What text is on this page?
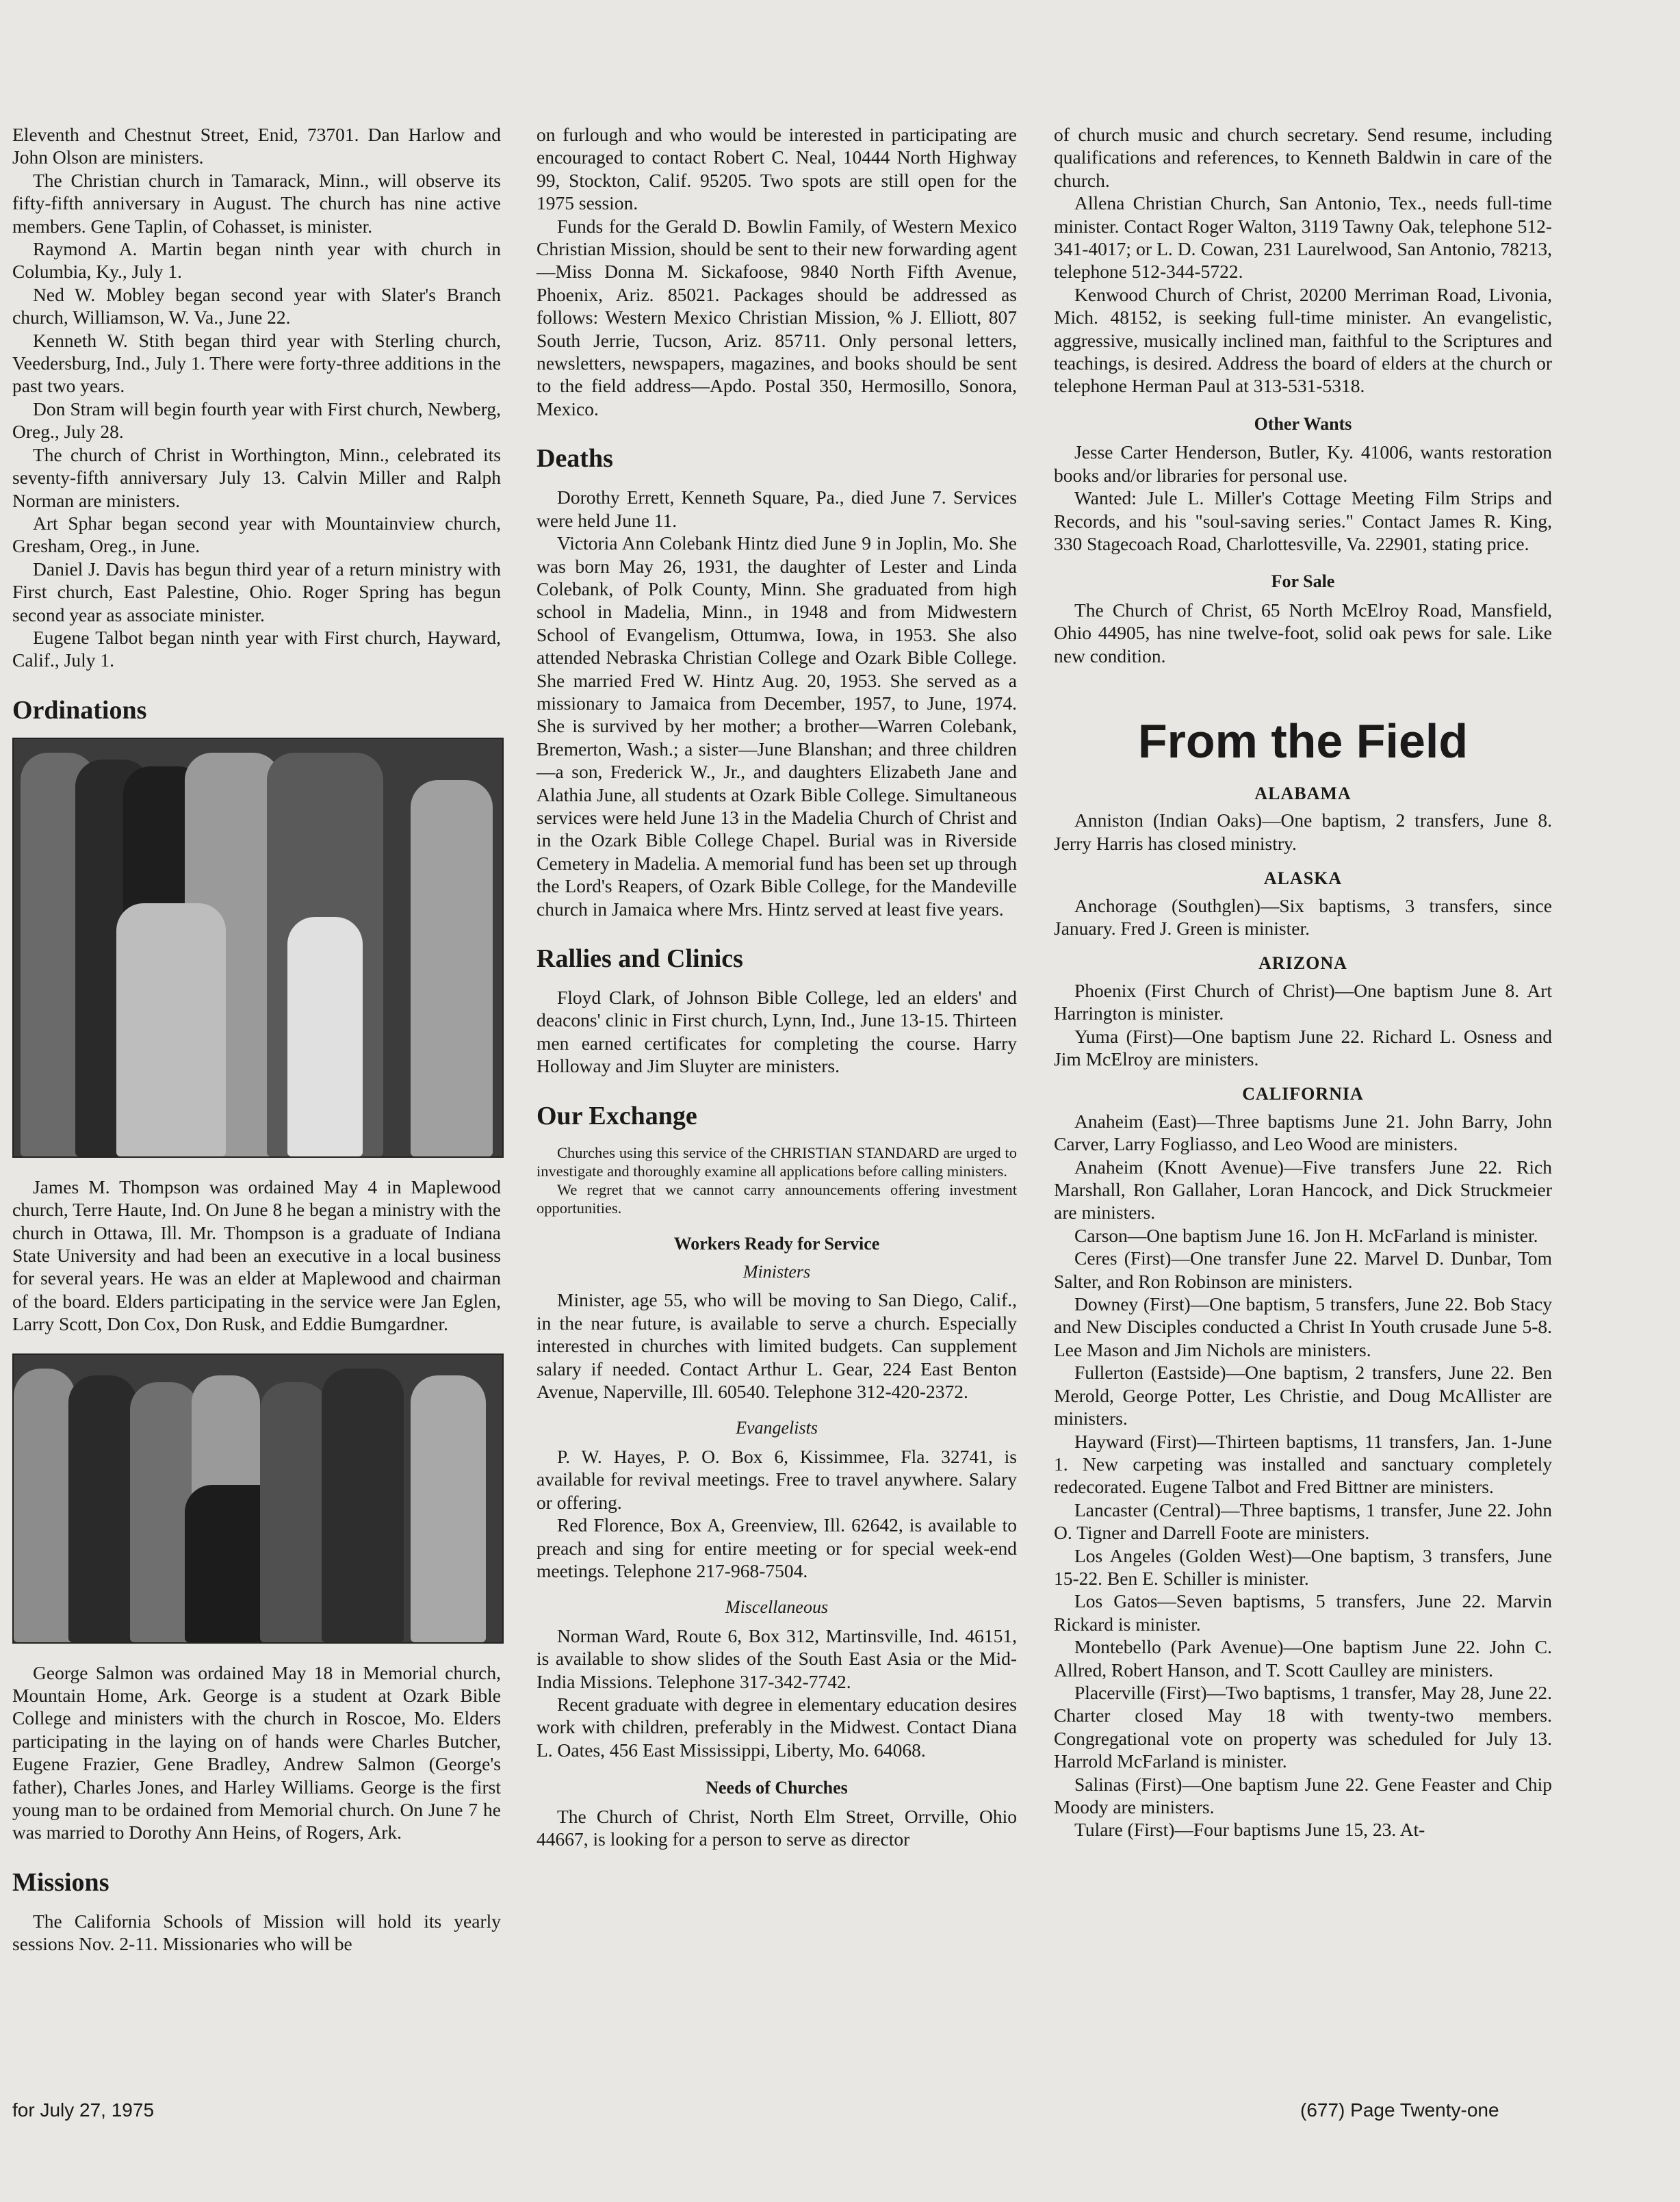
Eleventh and Chestnut Street, Enid, 73701. Dan Harlow and John Olson are ministers.

The Christian church in Tamarack, Minn., will observe its fifty-fifth anniversary in August. The church has nine active members. Gene Taplin, of Cohasset, is minister.

Raymond A. Martin began ninth year with church in Columbia, Ky., July 1.

Ned W. Mobley began second year with Slater's Branch church, Williamson, W. Va., June 22.

Kenneth W. Stith began third year with Sterling church, Veedersburg, Ind., July 1. There were forty-three additions in the past two years.

Don Stram will begin fourth year with First church, Newberg, Oreg., July 28.

The church of Christ in Worthington, Minn., celebrated its seventy-fifth anniversary July 13. Calvin Miller and Ralph Norman are ministers.

Art Sphar began second year with Mountainview church, Gresham, Oreg., in June.

Daniel J. Davis has begun third year of a return ministry with First church, East Palestine, Ohio. Roger Spring has begun second year as associate minister.

Eugene Talbot began ninth year with First church, Hayward, Calif., July 1.

Ordinations

James M. Thompson was ordained May 4 in Maplewood church, Terre Haute, Ind. On June 8 he began a ministry with the church in Ottawa, Ill. Mr. Thompson is a graduate of Indiana State University and had been an executive in a local business for several years. He was an elder at Maplewood and chairman of the board. Elders participating in the service were Jan Eglen, Larry Scott, Don Cox, Don Rusk, and Eddie Bumgardner.

George Salmon was ordained May 18 in Memorial church, Mountain Home, Ark. George is a student at Ozark Bible College and ministers with the church in Roscoe, Mo. Elders participating in the laying on of hands were Charles Butcher, Eugene Frazier, Gene Bradley, Andrew Salmon (George's father), Charles Jones, and Harley Williams. George is the first young man to be ordained from Memorial church. On June 7 he was married to Dorothy Ann Heins, of Rogers, Ark.

Missions

The California Schools of Mission will hold its yearly sessions Nov. 2-11. Missionaries who will be

on furlough and who would be interested in participating are encouraged to contact Robert C. Neal, 10444 North Highway 99, Stockton, Calif. 95205. Two spots are still open for the 1975 session.

Funds for the Gerald D. Bowlin Family, of Western Mexico Christian Mission, should be sent to their new forwarding agent—Miss Donna M. Sickafoose, 9840 North Fifth Avenue, Phoenix, Ariz. 85021. Packages should be addressed as follows: Western Mexico Christian Mission, % J. Elliott, 807 South Jerrie, Tucson, Ariz. 85711. Only personal letters, newsletters, newspapers, magazines, and books should be sent to the field address—Apdo. Postal 350, Hermosillo, Sonora, Mexico.

Deaths

Dorothy Errett, Kenneth Square, Pa., died June 7. Services were held June 11.

Victoria Ann Colebank Hintz died June 9 in Joplin, Mo. She was born May 26, 1931, the daughter of Lester and Linda Colebank, of Polk County, Minn. She graduated from high school in Madelia, Minn., in 1948 and from Midwestern School of Evangelism, Ottumwa, Iowa, in 1953. She also attended Nebraska Christian College and Ozark Bible College. She married Fred W. Hintz Aug. 20, 1953. She served as a missionary to Jamaica from December, 1957, to June, 1974. She is survived by her mother; a brother—Warren Colebank, Bremerton, Wash.; a sister—June Blanshan; and three children—a son, Frederick W., Jr., and daughters Elizabeth Jane and Alathia June, all students at Ozark Bible College. Simultaneous services were held June 13 in the Madelia Church of Christ and in the Ozark Bible College Chapel. Burial was in Riverside Cemetery in Madelia. A memorial fund has been set up through the Lord's Reapers, of Ozark Bible College, for the Mandeville church in Jamaica where Mrs. Hintz served at least five years.

Rallies and Clinics

Floyd Clark, of Johnson Bible College, led an elders' and deacons' clinic in First church, Lynn, Ind., June 13-15. Thirteen men earned certificates for completing the course. Harry Holloway and Jim Sluyter are ministers.

Our Exchange

Churches using this service of the CHRISTIAN STANDARD are urged to investigate and thoroughly examine all applications before calling ministers.

We regret that we cannot carry announcements offering investment opportunities.

Workers Ready for Service
Ministers

Minister, age 55, who will be moving to San Diego, Calif., in the near future, is available to serve a church. Especially interested in churches with limited budgets. Can supplement salary if needed. Contact Arthur L. Gear, 224 East Benton Avenue, Naperville, Ill. 60540. Telephone 312-420-2372.

Evangelists

P. W. Hayes, P. O. Box 6, Kissimmee, Fla. 32741, is available for revival meetings. Free to travel anywhere. Salary or offering.

Red Florence, Box A, Greenview, Ill. 62642, is available to preach and sing for entire meeting or for special week-end meetings. Telephone 217-968-7504.

Miscellaneous

Norman Ward, Route 6, Box 312, Martinsville, Ind. 46151, is available to show slides of the South East Asia or the Mid-India Missions. Telephone 317-342-7742.

Recent graduate with degree in elementary education desires work with children, preferably in the Midwest. Contact Diana L. Oates, 456 East Mississippi, Liberty, Mo. 64068.

Needs of Churches

The Church of Christ, North Elm Street, Orrville, Ohio 44667, is looking for a person to serve as director

of church music and church secretary. Send resume, including qualifications and references, to Kenneth Baldwin in care of the church.

Allena Christian Church, San Antonio, Tex., needs full-time minister. Contact Roger Walton, 3119 Tawny Oak, telephone 512-341-4017; or L. D. Cowan, 231 Laurelwood, San Antonio, 78213, telephone 512-344-5722.

Kenwood Church of Christ, 20200 Merriman Road, Livonia, Mich. 48152, is seeking full-time minister. An evangelistic, aggressive, musically inclined man, faithful to the Scriptures and teachings, is desired. Address the board of elders at the church or telephone Herman Paul at 313-531-5318.

Other Wants

Jesse Carter Henderson, Butler, Ky. 41006, wants restoration books and/or libraries for personal use.

Wanted: Jule L. Miller's Cottage Meeting Film Strips and Records, and his "soul-saving series." Contact James R. King, 330 Stagecoach Road, Charlottesville, Va. 22901, stating price.

For Sale

The Church of Christ, 65 North McElroy Road, Mansfield, Ohio 44905, has nine twelve-foot, solid oak pews for sale. Like new condition.

From the Field
ALABAMA

Anniston (Indian Oaks)—One baptism, 2 transfers, June 8. Jerry Harris has closed ministry.

ALASKA

Anchorage (Southglen)—Six baptisms, 3 transfers, since January. Fred J. Green is minister.

ARIZONA

Phoenix (First Church of Christ)—One baptism June 8. Art Harrington is minister.

Yuma (First)—One baptism June 22. Richard L. Osness and Jim McElroy are ministers.

CALIFORNIA

Anaheim (East)—Three baptisms June 21. John Barry, John Carver, Larry Fogliasso, and Leo Wood are ministers.

Anaheim (Knott Avenue)—Five transfers June 22. Rich Marshall, Ron Gallaher, Loran Hancock, and Dick Struckmeier are ministers.

Carson—One baptism June 16. Jon H. McFarland is minister.

Ceres (First)—One transfer June 22. Marvel D. Dunbar, Tom Salter, and Ron Robinson are ministers.

Downey (First)—One baptism, 5 transfers, June 22. Bob Stacy and New Disciples conducted a Christ In Youth crusade June 5-8. Lee Mason and Jim Nichols are ministers.

Fullerton (Eastside)—One baptism, 2 transfers, June 22. Ben Merold, George Potter, Les Christie, and Doug McAllister are ministers.

Hayward (First)—Thirteen baptisms, 11 transfers, Jan. 1-June 1. New carpeting was installed and sanctuary completely redecorated. Eugene Talbot and Fred Bittner are ministers.

Lancaster (Central)—Three baptisms, 1 transfer, June 22. John O. Tigner and Darrell Foote are ministers.

Los Angeles (Golden West)—One baptism, 3 transfers, June 15-22. Ben E. Schiller is minister.

Los Gatos—Seven baptisms, 5 transfers, June 22. Marvin Rickard is minister.

Montebello (Park Avenue)—One baptism June 22. John C. Allred, Robert Hanson, and T. Scott Caulley are ministers.

Placerville (First)—Two baptisms, 1 transfer, May 28, June 22. Charter closed May 18 with twenty-two members. Congregational vote on property was scheduled for July 13. Harrold McFarland is minister.

Salinas (First)—One baptism June 22. Gene Feaster and Chip Moody are ministers.

Tulare (First)—Four baptisms June 15, 23. At-

for July 27, 1975	(677) Page Twenty-one
